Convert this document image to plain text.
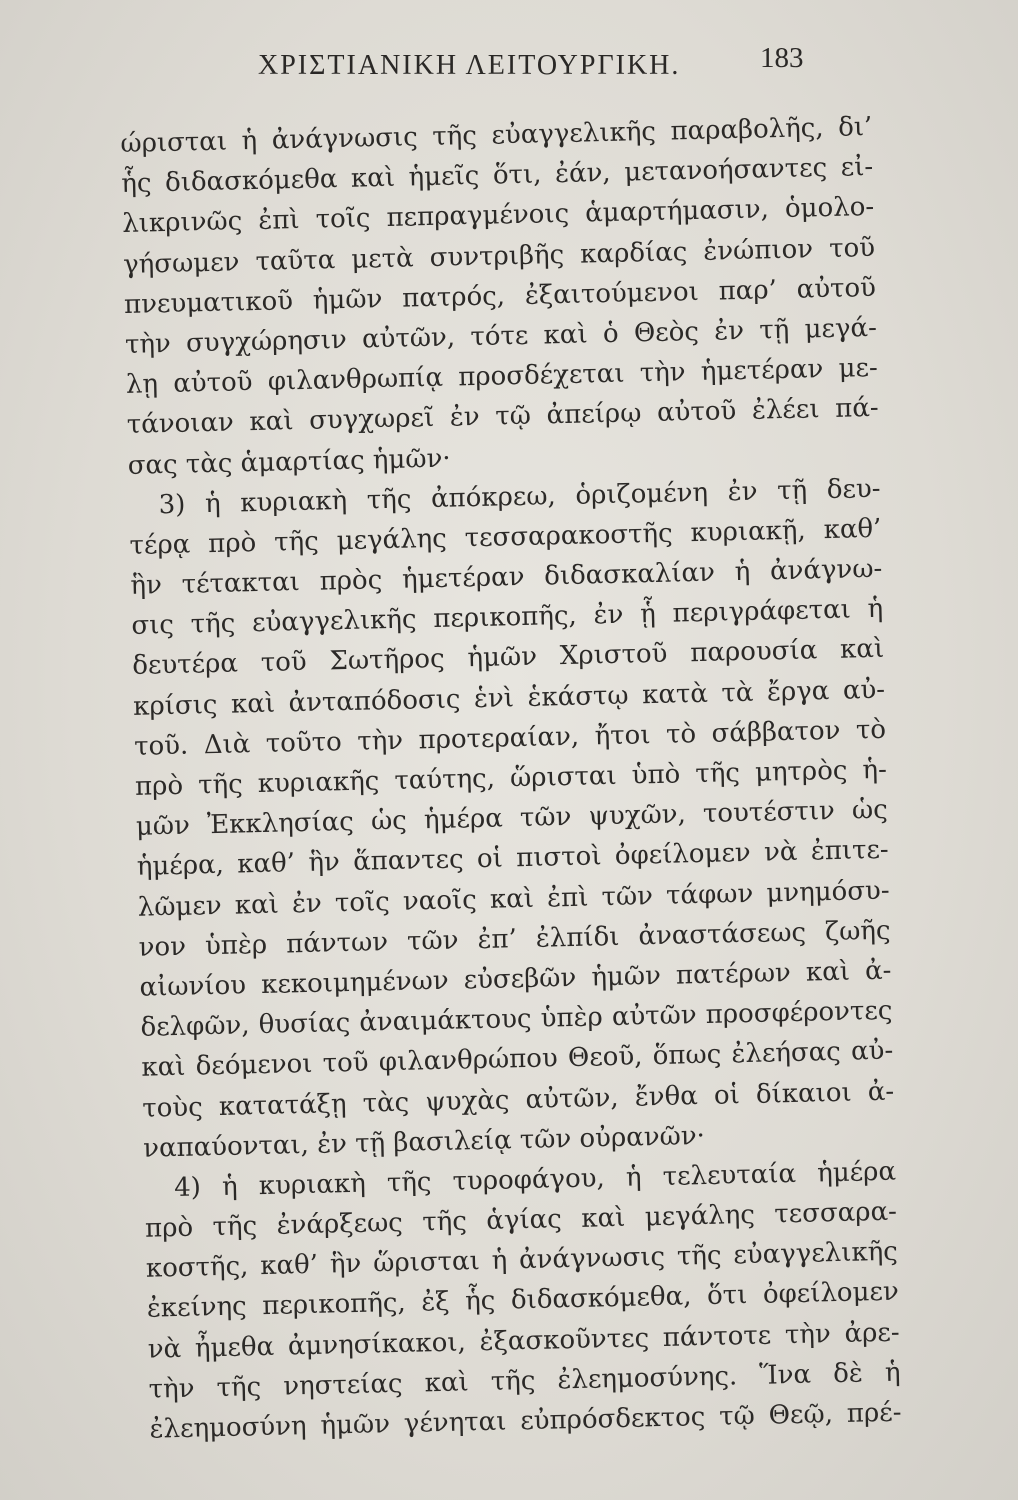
ΧΡΙΣΤΙΑΝΙΚΗ ΛΕΙΤΟΥΡΓΙΚΗ.	183
ώρισται ἡ ἀνάγνωσις τῆς εὐαγγελικῆς παραβολῆς, δι’
ἧς διδασκόμεθα καὶ ἡμεῖς ὅτι, ἐάν, μετανοήσαντες εἰ-
λικρινῶς ἐπὶ τοῖς πεπραγμένοις ἁμαρτήμασιν, ὁμολο-
γήσωμεν ταῦτα μετὰ συντριβῆς καρδίας ἐνώπιον τοῦ
πνευματικοῦ ἡμῶν πατρός, ἐξαιτούμενοι παρ’ αὐτοῦ
τὴν συγχώρησιν αὐτῶν, τότε καὶ ὁ Θεὸς ἐν τῇ μεγά-
λῃ αὐτοῦ φιλανθρωπίᾳ προσδέχεται τὴν ἡμετέραν με-
τάνοιαν καὶ συγχωρεῖ ἐν τῷ ἀπείρῳ αὐτοῦ ἐλέει πά-
σας τὰς ἁμαρτίας ἡμῶν·
3) ἡ κυριακὴ τῆς ἀπόκρεω, ὁριζομένη ἐν τῇ δευ-
τέρᾳ πρὸ τῆς μεγάλης τεσσαρακοστῆς κυριακῇ, καθ’
ἣν τέτακται πρὸς ἡμετέραν διδασκαλίαν ἡ ἀνάγνω-
σις τῆς εὐαγγελικῆς περικοπῆς, ἐν ᾗ περιγράφεται ἡ
δευτέρα τοῦ Σωτῆρος ἡμῶν Χριστοῦ παρουσία καὶ
κρίσις καὶ ἀνταπόδοσις ἑνὶ ἑκάστῳ κατὰ τὰ ἔργα αὐ-
τοῦ. Διὰ τοῦτο τὴν προτεραίαν, ἤτοι τὸ σάββατον τὸ
πρὸ τῆς κυριακῆς ταύτης, ὥρισται ὑπὸ τῆς μητρὸς ἡ-
μῶν Ἐκκλησίας ὡς ἡμέρα τῶν ψυχῶν, τουτέστιν ὡς
ἡμέρα, καθ’ ἣν ἅπαντες οἱ πιστοὶ ὀφείλομεν νὰ ἐπιτε-
λῶμεν καὶ ἐν τοῖς ναοῖς καὶ ἐπὶ τῶν τάφων μνημόσυ-
νον ὑπὲρ πάντων τῶν ἐπ’ ἐλπίδι ἀναστάσεως ζωῆς
αἰωνίου κεκοιμημένων εὐσεβῶν ἡμῶν πατέρων καὶ ἀ-
δελφῶν, θυσίας ἀναιμάκτους ὑπὲρ αὐτῶν προσφέροντες
καὶ δεόμενοι τοῦ φιλανθρώπου Θεοῦ, ὅπως ἐλεήσας αὐ-
τοὺς κατατάξῃ τὰς ψυχὰς αὐτῶν, ἔνθα οἱ δίκαιοι ἀ-
ναπαύονται, ἐν τῇ βασιλείᾳ τῶν οὐρανῶν·
4) ἡ κυριακὴ τῆς τυροφάγου, ἡ τελευταία ἡμέρα
πρὸ τῆς ἐνάρξεως τῆς ἁγίας καὶ μεγάλης τεσσαρα-
κοστῆς, καθ’ ἣν ὥρισται ἡ ἀνάγνωσις τῆς εὐαγγελικῆς
ἐκείνης περικοπῆς, ἐξ ἧς διδασκόμεθα, ὅτι ὀφείλομεν
νὰ ἦμεθα ἀμνησίκακοι, ἐξασκοῦντες πάντοτε τὴν ἀρε-
τὴν τῆς νηστείας καὶ τῆς ἐλεημοσύνης. Ἵνα δὲ ἡ
ἐλεημοσύνη ἡμῶν γένηται εὐπρόσδεκτος τῷ Θεῷ, πρέ-
